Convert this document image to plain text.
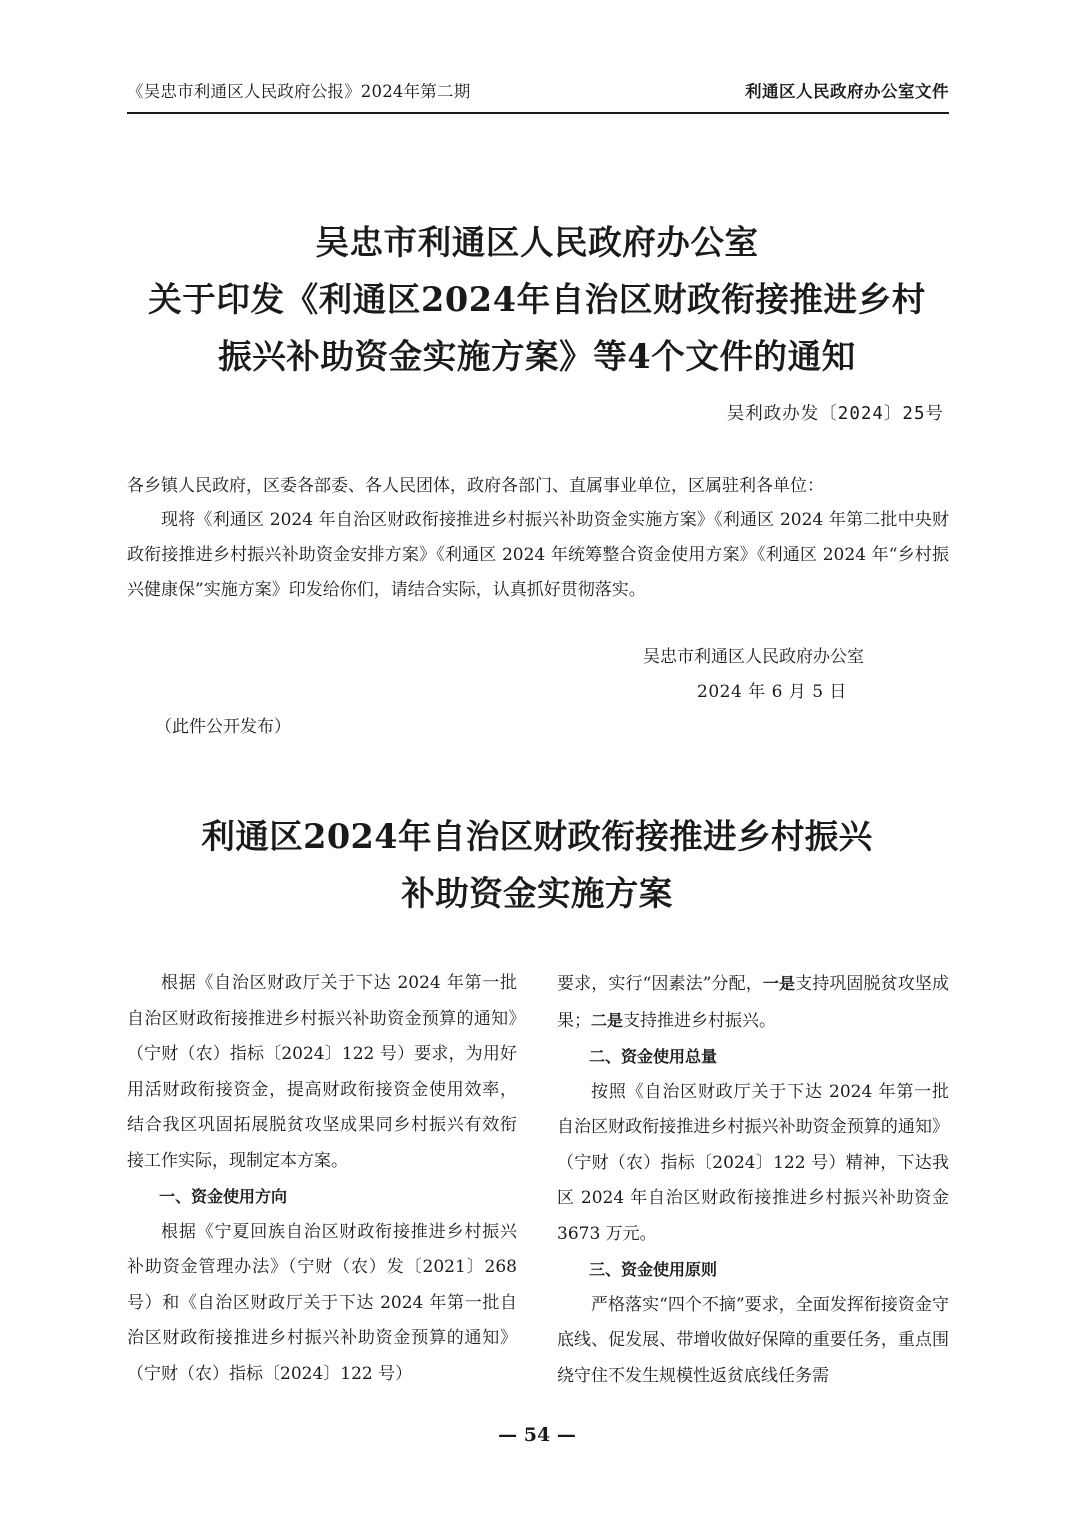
《吴忠市利通区人民政府公报》2024年第二期	利通区人民政府办公室文件
吴忠市利通区人民政府办公室
关于印发《利通区2024年自治区财政衔接推进乡村
振兴补助资金实施方案》等4个文件的通知
吴利政办发〔2024〕25号
各乡镇人民政府，区委各部委、各人民团体，政府各部门、直属事业单位，区属驻利各单位：
现将《利通区 2024 年自治区财政衔接推进乡村振兴补助资金实施方案》《利通区 2024 年第二批中央财政衔接推进乡村振兴补助资金安排方案》《利通区 2024 年统筹整合资金使用方案》《利通区 2024 年“乡村振兴健康保”实施方案》印发给你们，请结合实际，认真抓好贯彻落实。
吴忠市利通区人民政府办公室
2024 年 6 月 5 日
（此件公开发布）
利通区2024年自治区财政衔接推进乡村振兴
补助资金实施方案

根据《自治区财政厅关于下达 2024 年第一批自治区财政衔接推进乡村振兴补助资金预算的通知》（宁财（农）指标〔2024〕122 号）要求，为用好用活财政衔接资金，提高财政衔接资金使用效率，结合我区巩固拓展脱贫攻坚成果同乡村振兴有效衔接工作实际，现制定本方案。

一、资金使用方向

根据《宁夏回族自治区财政衔接推进乡村振兴补助资金管理办法》（宁财（农）发〔2021〕268 号）和《自治区财政厅关于下达 2024 年第一批自治区财政衔接推进乡村振兴补助资金预算的通知》（宁财（农）指标〔2024〕122 号）

要求，实行“因素法”分配，一是支持巩固脱贫攻坚成果；二是支持推进乡村振兴。

二、资金使用总量

按照《自治区财政厅关于下达 2024 年第一批自治区财政衔接推进乡村振兴补助资金预算的通知》（宁财（农）指标〔2024〕122 号）精神，下达我区 2024 年自治区财政衔接推进乡村振兴补助资金 3673 万元。

三、资金使用原则

严格落实“四个不摘”要求，全面发挥衔接资金守底线、促发展、带增收做好保障的重要任务，重点围绕守住不发生规模性返贫底线任务需

— 54 —
